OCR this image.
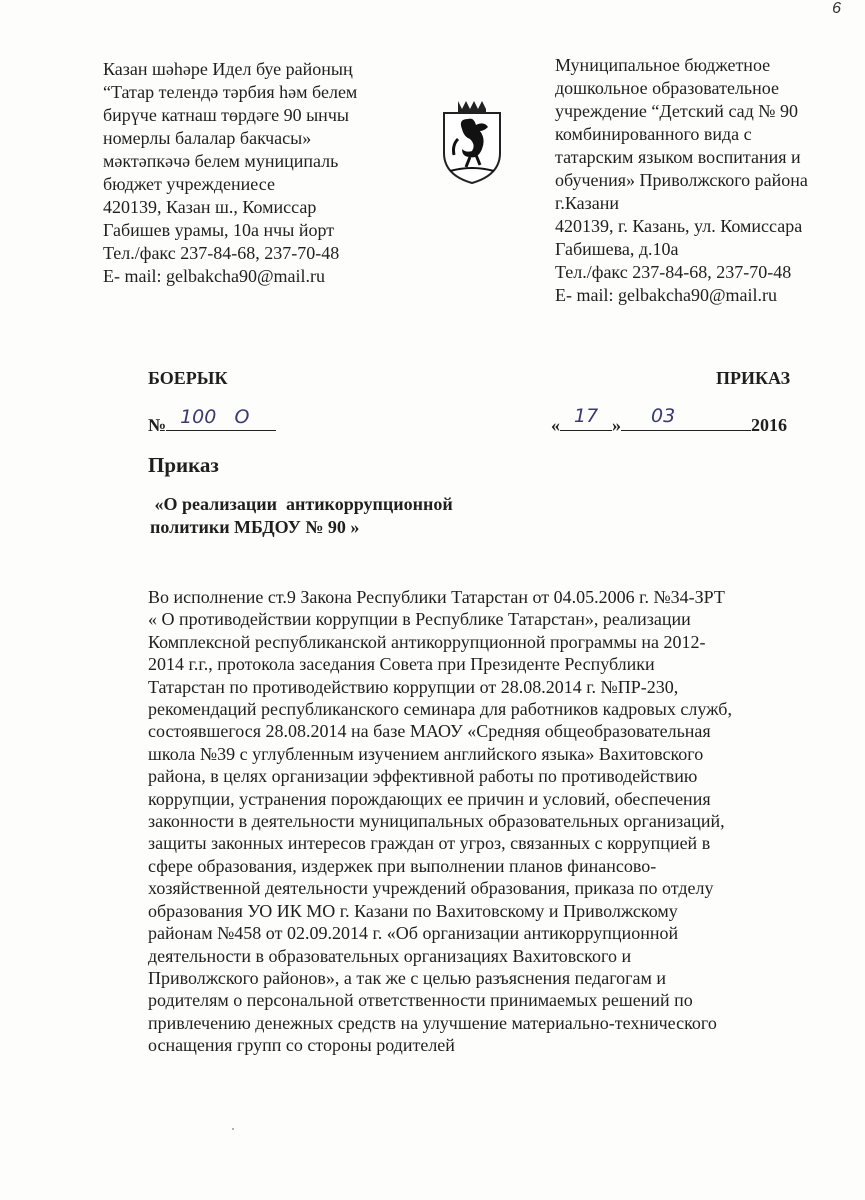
6
Казан шәһәре Идел буе районың
“Татар телендә тәрбия һәм белем
бирүче катнаш төрдәге 90 ынчы
номерлы балалар бакчасы»
мәктәпкәчә белем муниципаль
бюджет учреждениесе
420139, Казан ш., Комиссар
Габишев урамы, 10а нчы йорт
Тел./факс 237-84-68, 237-70-48
E- mail: gelbakcha90@mail.ru
Муниципальное бюджетное
дошкольное образовательное
учреждение “Детский сад № 90
комбинированного вида с
татарским языком воспитания и
обучения» Приволжского района
г.Казани
420139, г. Казань, ул. Комиссара
Габишева, д.10а
Тел./факс 237-84-68, 237-70-48
E- mail: gelbakcha90@mail.ru
БОЕРЫК	ПРИКАЗ
№ 100   О	« 17 » 03	2016
Приказ
«О реализации  антикоррупционной
политики МБДОУ № 90 »
Во исполнение ст.9 Закона Республики Татарстан от 04.05.2006 г. №34-ЗРТ
« О противодействии коррупции в Республике Татарстан», реализации
Комплексной республиканской антикоррупционной программы на 2012-
2014 г.г., протокола заседания Совета при Президенте Республики
Татарстан по противодействию коррупции от 28.08.2014 г. №ПР-230,
рекомендаций республиканского семинара для работников кадровых служб,
состоявшегося 28.08.2014 на базе МАОУ «Средняя общеобразовательная
школа №39 с углубленным изучением английского языка» Вахитовского
района, в целях организации эффективной работы по противодействию
коррупции, устранения порождающих ее причин и условий, обеспечения
законности в деятельности муниципальных образовательных организаций,
защиты законных интересов граждан от угроз, связанных с коррупцией в
сфере образования, издержек при выполнении планов финансово-
хозяйственной деятельности учреждений образования, приказа по отделу
образования УО ИК МО г. Казани по Вахитовскому и Приволжскому
районам №458 от 02.09.2014 г. «Об организации антикоррупционной
деятельности в образовательных организациях Вахитовского и
Приволжского районов», а так же с целью разъяснения педагогам и
родителям о персональной ответственности принимаемых решений по
привлечению денежных средств на улучшение материально-технического
оснащения групп со стороны родителей
